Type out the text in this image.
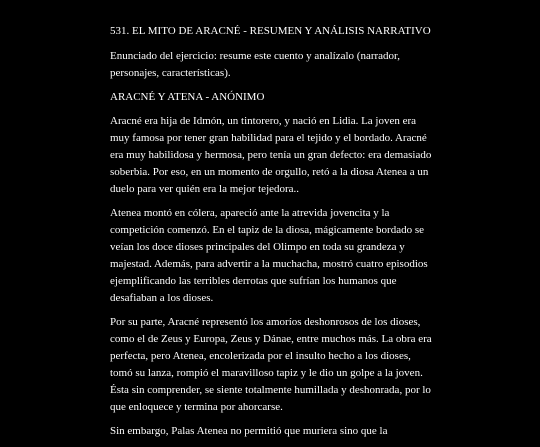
531. EL MITO DE ARACNÉ - RESUMEN Y ANÁLISIS NARRATIVO

Enunciado del ejercicio: resume este cuento y analízalo (narrador, personajes, características).

ARACNÉ Y ATENA - ANÓNIMO

Aracné era hija de Idmón, un tintorero, y nació en Lidia. La joven era muy famosa por tener gran habilidad para el tejido y el bordado. Aracné era muy habilidosa y hermosa, pero tenía un gran defecto: era demasiado soberbia. Por eso, en un momento de orgullo, retó a la diosa Atenea a un duelo para ver quién era la mejor tejedora..

Atenea montó en cólera, apareció ante la atrevida jovencita y la competición comenzó. En el tapiz de la diosa, mágicamente bordado se veían los doce dioses principales del Olimpo en toda su grandeza y majestad. Además, para advertir a la muchacha, mostró cuatro episodios ejemplificando las terribles derrotas que sufrían los humanos que desafiaban a los dioses.

Por su parte, Aracné representó los amoríos deshonrosos de los dioses, como el de Zeus y Europa, Zeus y Dánae, entre muchos más. La obra era perfecta, pero Atenea, encolerizada por el insulto hecho a los dioses, tomó su lanza, rompió el maravilloso tapiz y le dio un golpe a la joven. Ésta sin comprender, se siente totalmente humillada y deshonrada, por lo que enloquece y termina por ahorcarse.

Sin embargo, Palas Atenea no permitió que muriera sino que la
